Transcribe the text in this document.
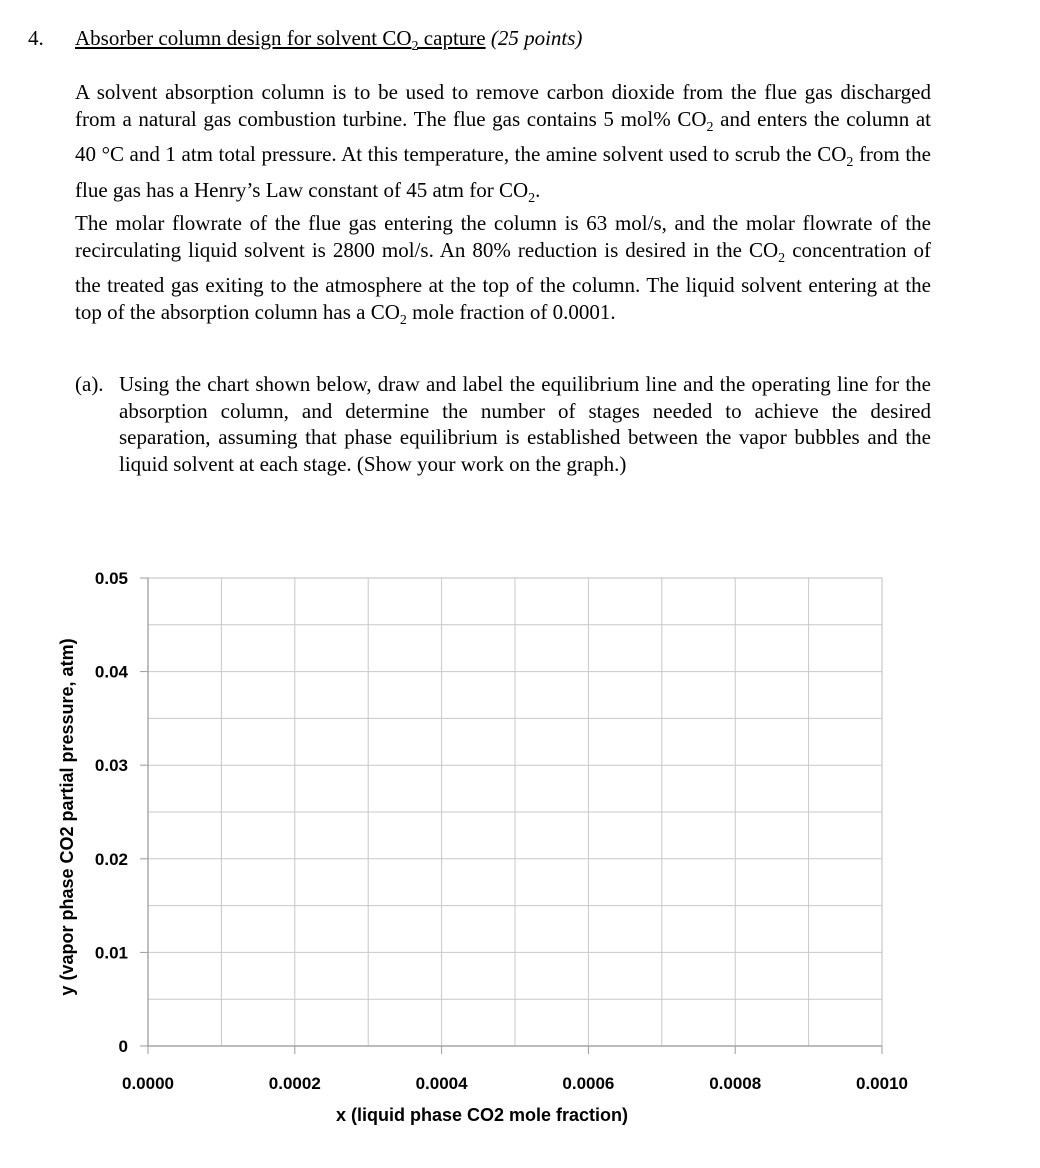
4. Absorber column design for solvent $CO_2$ capture (25 points)
A solvent absorption column is to be used to remove carbon dioxide from the flue gas discharged from a natural gas combustion turbine. The flue gas contains 5 mol% $CO_2$ and enters the column at 40 °C and 1 atm total pressure. At this temperature, the amine solvent used to scrub the $CO_2$ from the flue gas has a Henry’s Law constant of 45 atm for $CO_2$.
The molar flowrate of the flue gas entering the column is 63 mol/s, and the molar flowrate of the recirculating liquid solvent is 2800 mol/s. An 80% reduction is desired in the $CO_2$ concentration of the treated gas exiting to the atmosphere at the top of the column. The liquid solvent entering at the top of the absorption column has a $CO_2$ mole fraction of 0.0001.
(a). Using the chart shown below, draw and label the equilibrium line and the operating line for the absorption column, and determine the number of stages needed to achieve the desired separation, assuming that phase equilibrium is established between the vapor bubbles and the liquid solvent at each stage. (Show your work on the graph.)
0
0.01
0.02
0.03
0.04
0.05
0.0000	0.0002	0.0004	0.0006	0.0008	0.0010
x (liquid phase CO2 mole fraction)
y (vapor phase CO2 partial pressure, atm)
